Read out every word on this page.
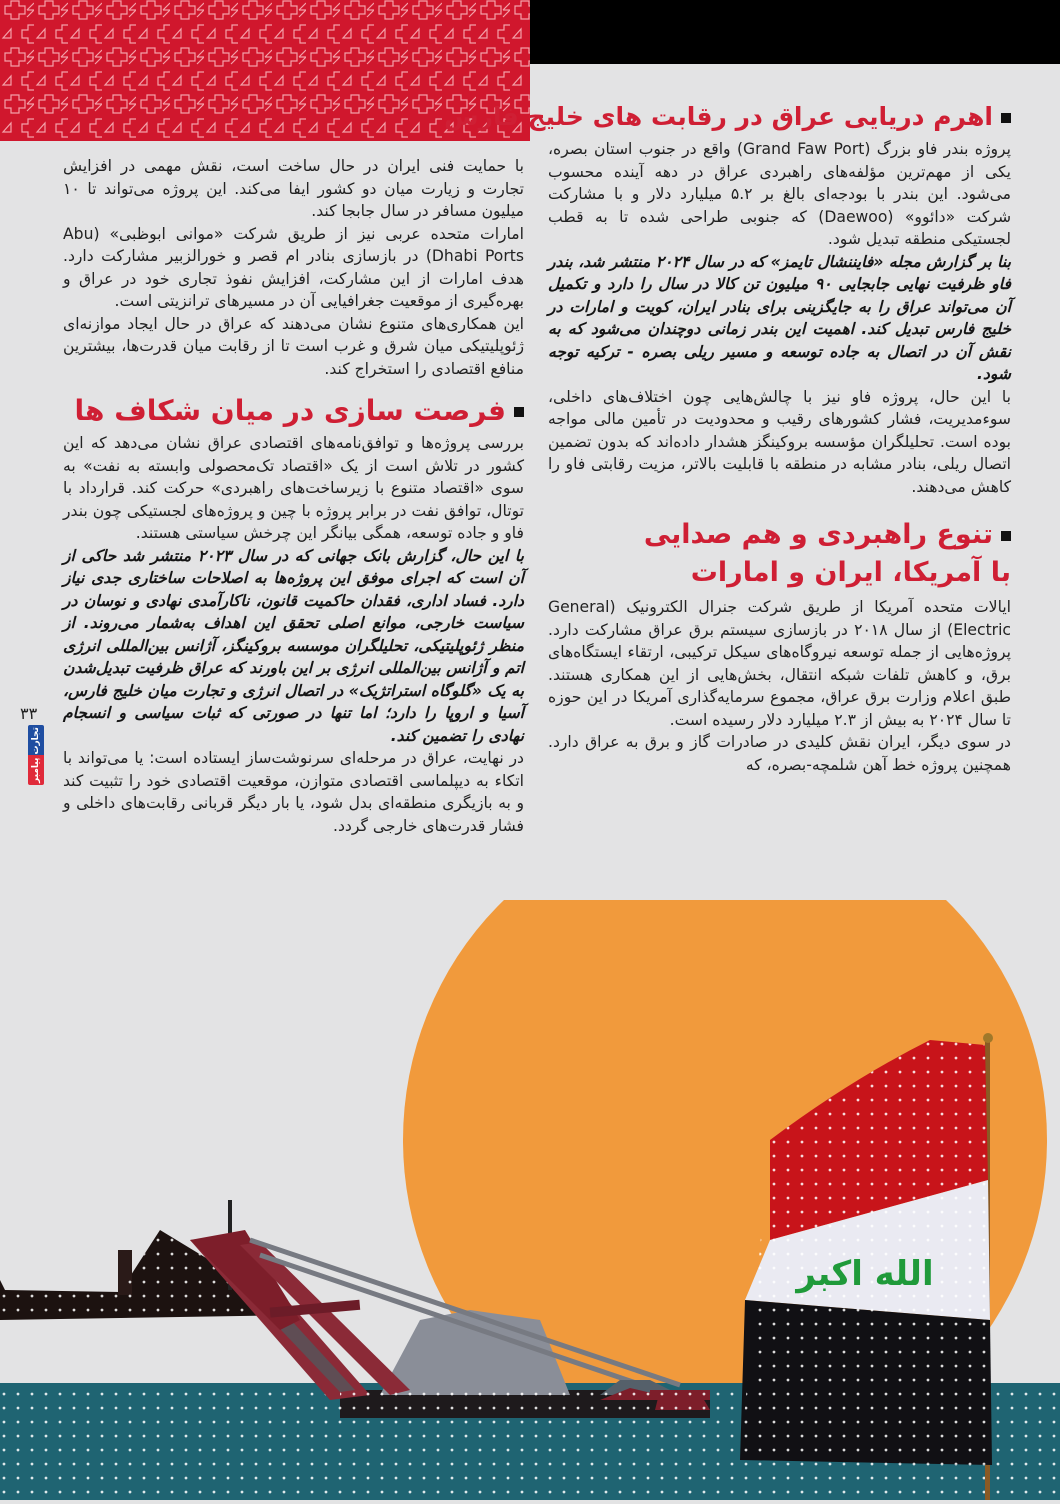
اهرم دریایی عراق در رقابت های خلیج فارس

پروژه بندر فاو بزرگ (Grand Faw Port) واقع در جنوب استان بصره، یکی از مهم‌ترین مؤلفه‌های راهبردی عراق در دهه آینده محسوب می‌شود. این بندر با بودجه‌ای بالغ بر ۵.۲ میلیارد دلار و با مشارکت شرکت «دائوو» (Daewoo) که جنوبی طراحی شده تا به قطب لجستیکی منطقه تبدیل شود.

بنا بر گزارش مجله «فایننشال تایمز» که در سال ۲۰۲۴ منتشر شد، بندر فاو ظرفیت نهایی جابجایی ۹۰ میلیون تن کالا در سال را دارد و تکمیل آن می‌تواند عراق را به جایگزینی برای بنادر ایران، کویت و امارات در خلیج فارس تبدیل کند. اهمیت این بندر زمانی دوچندان می‌شود که به نقش آن در اتصال به جاده توسعه و مسیر ریلی بصره - ترکیه توجه شود.

با این حال، پروژه فاو نیز با چالش‌هایی چون اختلاف‌های داخلی، سوءمدیریت، فشار کشورهای رقیب و محدودیت در تأمین مالی مواجه بوده است. تحلیلگران مؤسسه بروکینگز هشدار داده‌اند که بدون تضمین اتصال ریلی، بنادر مشابه در منطقه با قابلیت بالاتر، مزیت رقابتی فاو را کاهش می‌دهند.

تنوع راهبردی و هم صدایی
با آمریکا، ایران و امارات

ایالات متحده آمریکا از طریق شرکت جنرال الکترونیک (General Electric) از سال ۲۰۱۸ در بازسازی سیستم برق عراق مشارکت دارد. پروژه‌هایی از جمله توسعه نیروگاه‌های سیکل ترکیبی، ارتقاء ایستگاه‌های برق، و کاهش تلفات شبکه انتقال، بخش‌هایی از این همکاری هستند. طبق اعلام وزارت برق عراق، مجموع سرمایه‌گذاری آمریکا در این حوزه تا سال ۲۰۲۴ به بیش از ۲.۳ میلیارد دلار رسیده است.

در سوی دیگر، ایران نقش کلیدی در صادرات گاز و برق به عراق دارد. همچنین پروژه خط آهن شلمچه-بصره، که

با حمایت فنی ایران در حال ساخت است، نقش مهمی در افزایش تجارت و زیارت میان دو کشور ایفا می‌کند. این پروژه می‌تواند تا ۱۰ میلیون مسافر در سال جابجا کند.

امارات متحده عربی نیز از طریق شرکت «موانی ابوظبی» (Abu Dhabi Ports) در بازسازی بنادر ام قصر و خورالزبیر مشارکت دارد. هدف امارات از این مشارکت، افزایش نفوذ تجاری خود در عراق و بهره‌گیری از موقعیت جغرافیایی آن در مسیرهای ترانزیتی است.

این همکاری‌های متنوع نشان می‌دهند که عراق در حال ایجاد موازنه‌ای ژئوپلیتیکی میان شرق و غرب است تا از رقابت میان قدرت‌ها، بیشترین منافع اقتصادی را استخراج کند.

فرصت سازی در میان شکاف ها

بررسی پروژه‌ها و توافق‌نامه‌های اقتصادی عراق نشان می‌دهد که این کشور در تلاش است از یک «اقتصاد تک‌محصولی وابسته به نفت» به سوی «اقتصاد متنوع با زیرساخت‌های راهبردی» حرکت کند. قرارداد با توتال، توافق نفت در برابر پروژه با چین و پروژه‌های لجستیکی چون بندر فاو و جاده توسعه، همگی بیانگر این چرخش سیاستی هستند.

با این حال، گزارش بانک جهانی که در سال ۲۰۲۳ منتشر شد حاکی از آن است که اجرای موفق این پروژه‌ها به اصلاحات ساختاری جدی نیاز دارد. فساد اداری، فقدان حاکمیت قانون، ناکارآمدی نهادی و نوسان در سیاست خارجی، موانع اصلی تحقق این اهداف به‌شمار می‌روند. از منظر ژئوپلیتیکی، تحلیلگران موسسه بروکینگز، آژانس بین‌المللی انرژی اتم و آژانس بین‌المللی انرژی بر این باورند که عراق ظرفیت تبدیل‌شدن به یک «گلوگاه استراتژیک» در اتصال انرژی و تجارت میان خلیج فارس، آسیا و اروپا را دارد؛ اما تنها در صورتی که ثبات سیاسی و انسجام نهادی را تضمین کند.

در نهایت، عراق در مرحله‌ای سرنوشت‌ساز ایستاده است: یا می‌تواند با اتکاء به دیپلماسی اقتصادی متوازن، موقعیت اقتصادی خود را تثبیت کند و به بازیگری منطقه‌ای بدل شود، یا بار دیگر قربانی رقابت‌های داخلی و فشار قدرت‌های خارجی گردد.

۳۳
تجارت پیامبر
الله اكبر
